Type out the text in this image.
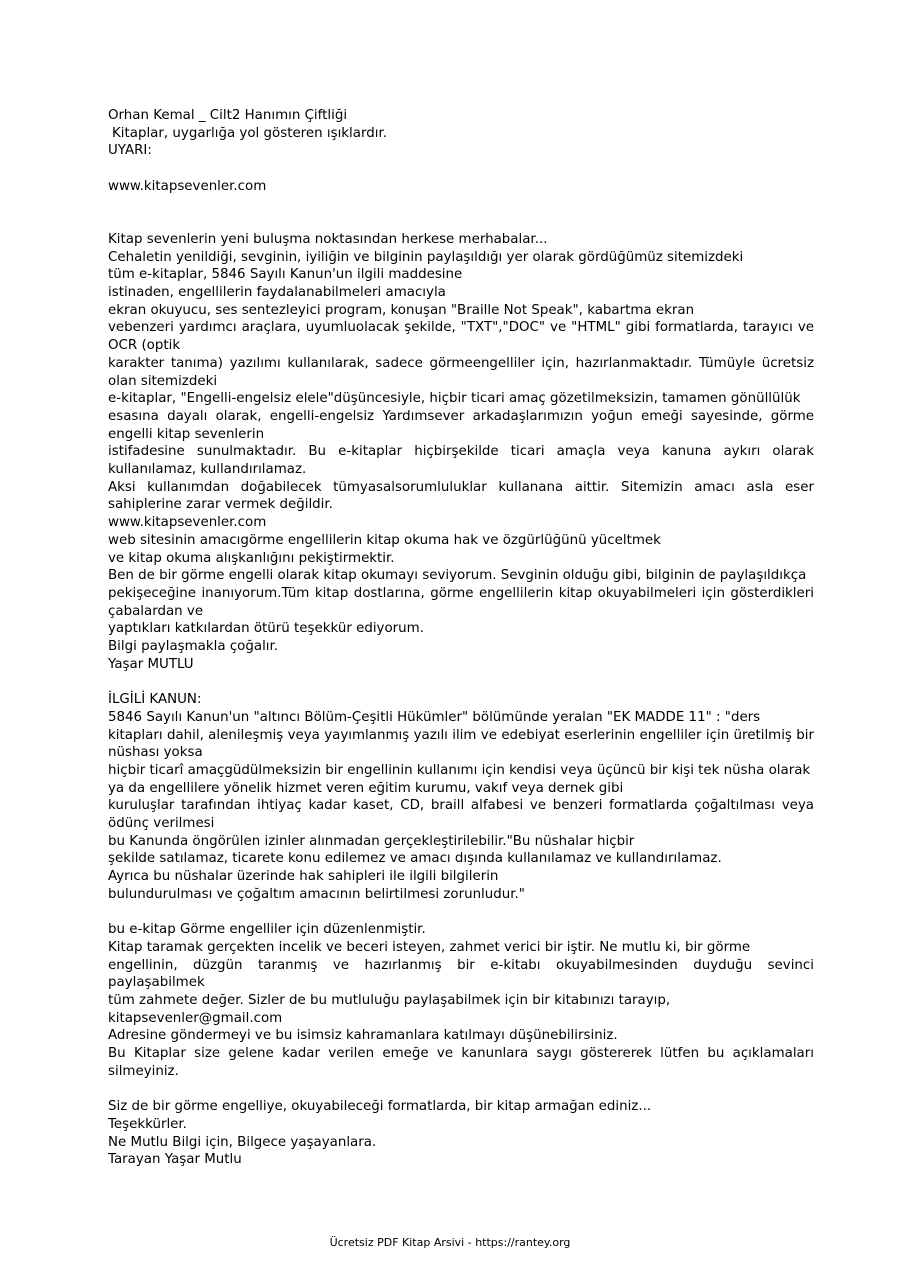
Orhan Kemal _ Cilt2 Hanımın Çiftliği
Kitaplar, uygarlığa yol gösteren ışıklardır.
UYARI:
www.kitapsevenler.com
Kitap sevenlerin yeni buluşma noktasından herkese merhabalar...
Cehaletin yenildiği, sevginin, iyiliğin ve bilginin paylaşıldığı yer olarak gördüğümüz sitemizdeki
tüm e-kitaplar, 5846 Sayılı Kanun'un ilgili maddesine
istinaden, engellilerin faydalanabilmeleri amacıyla
ekran okuyucu, ses sentezleyici program, konuşan "Braille Not Speak", kabartma ekran
vebenzeri yardımcı araçlara, uyumluolacak şekilde, "TXT","DOC" ve "HTML" gibi formatlarda, tarayıcı ve OCR (optik
karakter tanıma) yazılımı kullanılarak, sadece görmeengelliler için, hazırlanmaktadır. Tümüyle ücretsiz olan sitemizdeki
e-kitaplar, "Engelli-engelsiz elele"düşüncesiyle, hiçbir ticari amaç gözetilmeksizin, tamamen gönüllülük
esasına dayalı olarak, engelli-engelsiz Yardımsever arkadaşlarımızın yoğun emeği sayesinde, görme engelli kitap sevenlerin
istifadesine sunulmaktadır. Bu e-kitaplar hiçbirşekilde ticari amaçla veya kanuna aykırı olarak kullanılamaz, kullandırılamaz.
Aksi kullanımdan doğabilecek tümyasalsorumluluklar kullanana aittir. Sitemizin amacı asla eser sahiplerine zarar vermek değildir.
www.kitapsevenler.com
web sitesinin amacıgörme engellilerin kitap okuma hak ve özgürlüğünü yüceltmek
ve kitap okuma alışkanlığını pekiştirmektir.
Ben de bir görme engelli olarak kitap okumayı seviyorum. Sevginin olduğu gibi, bilginin de paylaşıldıkça
pekişeceğine inanıyorum.Tüm kitap dostlarına, görme engellilerin kitap okuyabilmeleri için gösterdikleri çabalardan ve
yaptıkları katkılardan ötürü teşekkür ediyorum.
Bilgi paylaşmakla çoğalır.
Yaşar MUTLU
İLGİLİ KANUN:
5846 Sayılı Kanun'un "altıncı Bölüm-Çeşitli Hükümler" bölümünde yeralan "EK MADDE 11" : "ders
kitapları dahil, alenileşmiş veya yayımlanmış yazılı ilim ve edebiyat eserlerinin engelliler için üretilmiş bir nüshası yoksa
hiçbir ticarî amaçgüdülmeksizin bir engellinin kullanımı için kendisi veya üçüncü bir kişi tek nüsha olarak
ya da engellilere yönelik hizmet veren eğitim kurumu, vakıf veya dernek gibi
kuruluşlar tarafından ihtiyaç kadar kaset, CD, braill alfabesi ve benzeri formatlarda çoğaltılması veya ödünç verilmesi
bu Kanunda öngörülen izinler alınmadan gerçekleştirilebilir."Bu nüshalar hiçbir
şekilde satılamaz, ticarete konu edilemez ve amacı dışında kullanılamaz ve kullandırılamaz.
Ayrıca bu nüshalar üzerinde hak sahipleri ile ilgili bilgilerin
bulundurulması ve çoğaltım amacının belirtilmesi zorunludur."
bu e-kitap Görme engelliler için düzenlenmiştir.
Kitap taramak gerçekten incelik ve beceri isteyen, zahmet verici bir iştir. Ne mutlu ki, bir görme
engellinin, düzgün taranmış ve hazırlanmış bir e-kitabı okuyabilmesinden duyduğu sevinci paylaşabilmek
tüm zahmete değer. Sizler de bu mutluluğu paylaşabilmek için bir kitabınızı tarayıp,
kitapsevenler@gmail.com
Adresine göndermeyi ve bu isimsiz kahramanlara katılmayı düşünebilirsiniz.
Bu Kitaplar size gelene kadar verilen emeğe ve kanunlara saygı göstererek lütfen bu açıklamaları silmeyiniz.
Siz de bir görme engelliye, okuyabileceği formatlarda, bir kitap armağan ediniz...
Teşekkürler.
Ne Mutlu Bilgi için, Bilgece yaşayanlara.
Tarayan Yaşar Mutlu
Ücretsiz PDF Kitap Arsivi - https://rantey.org
